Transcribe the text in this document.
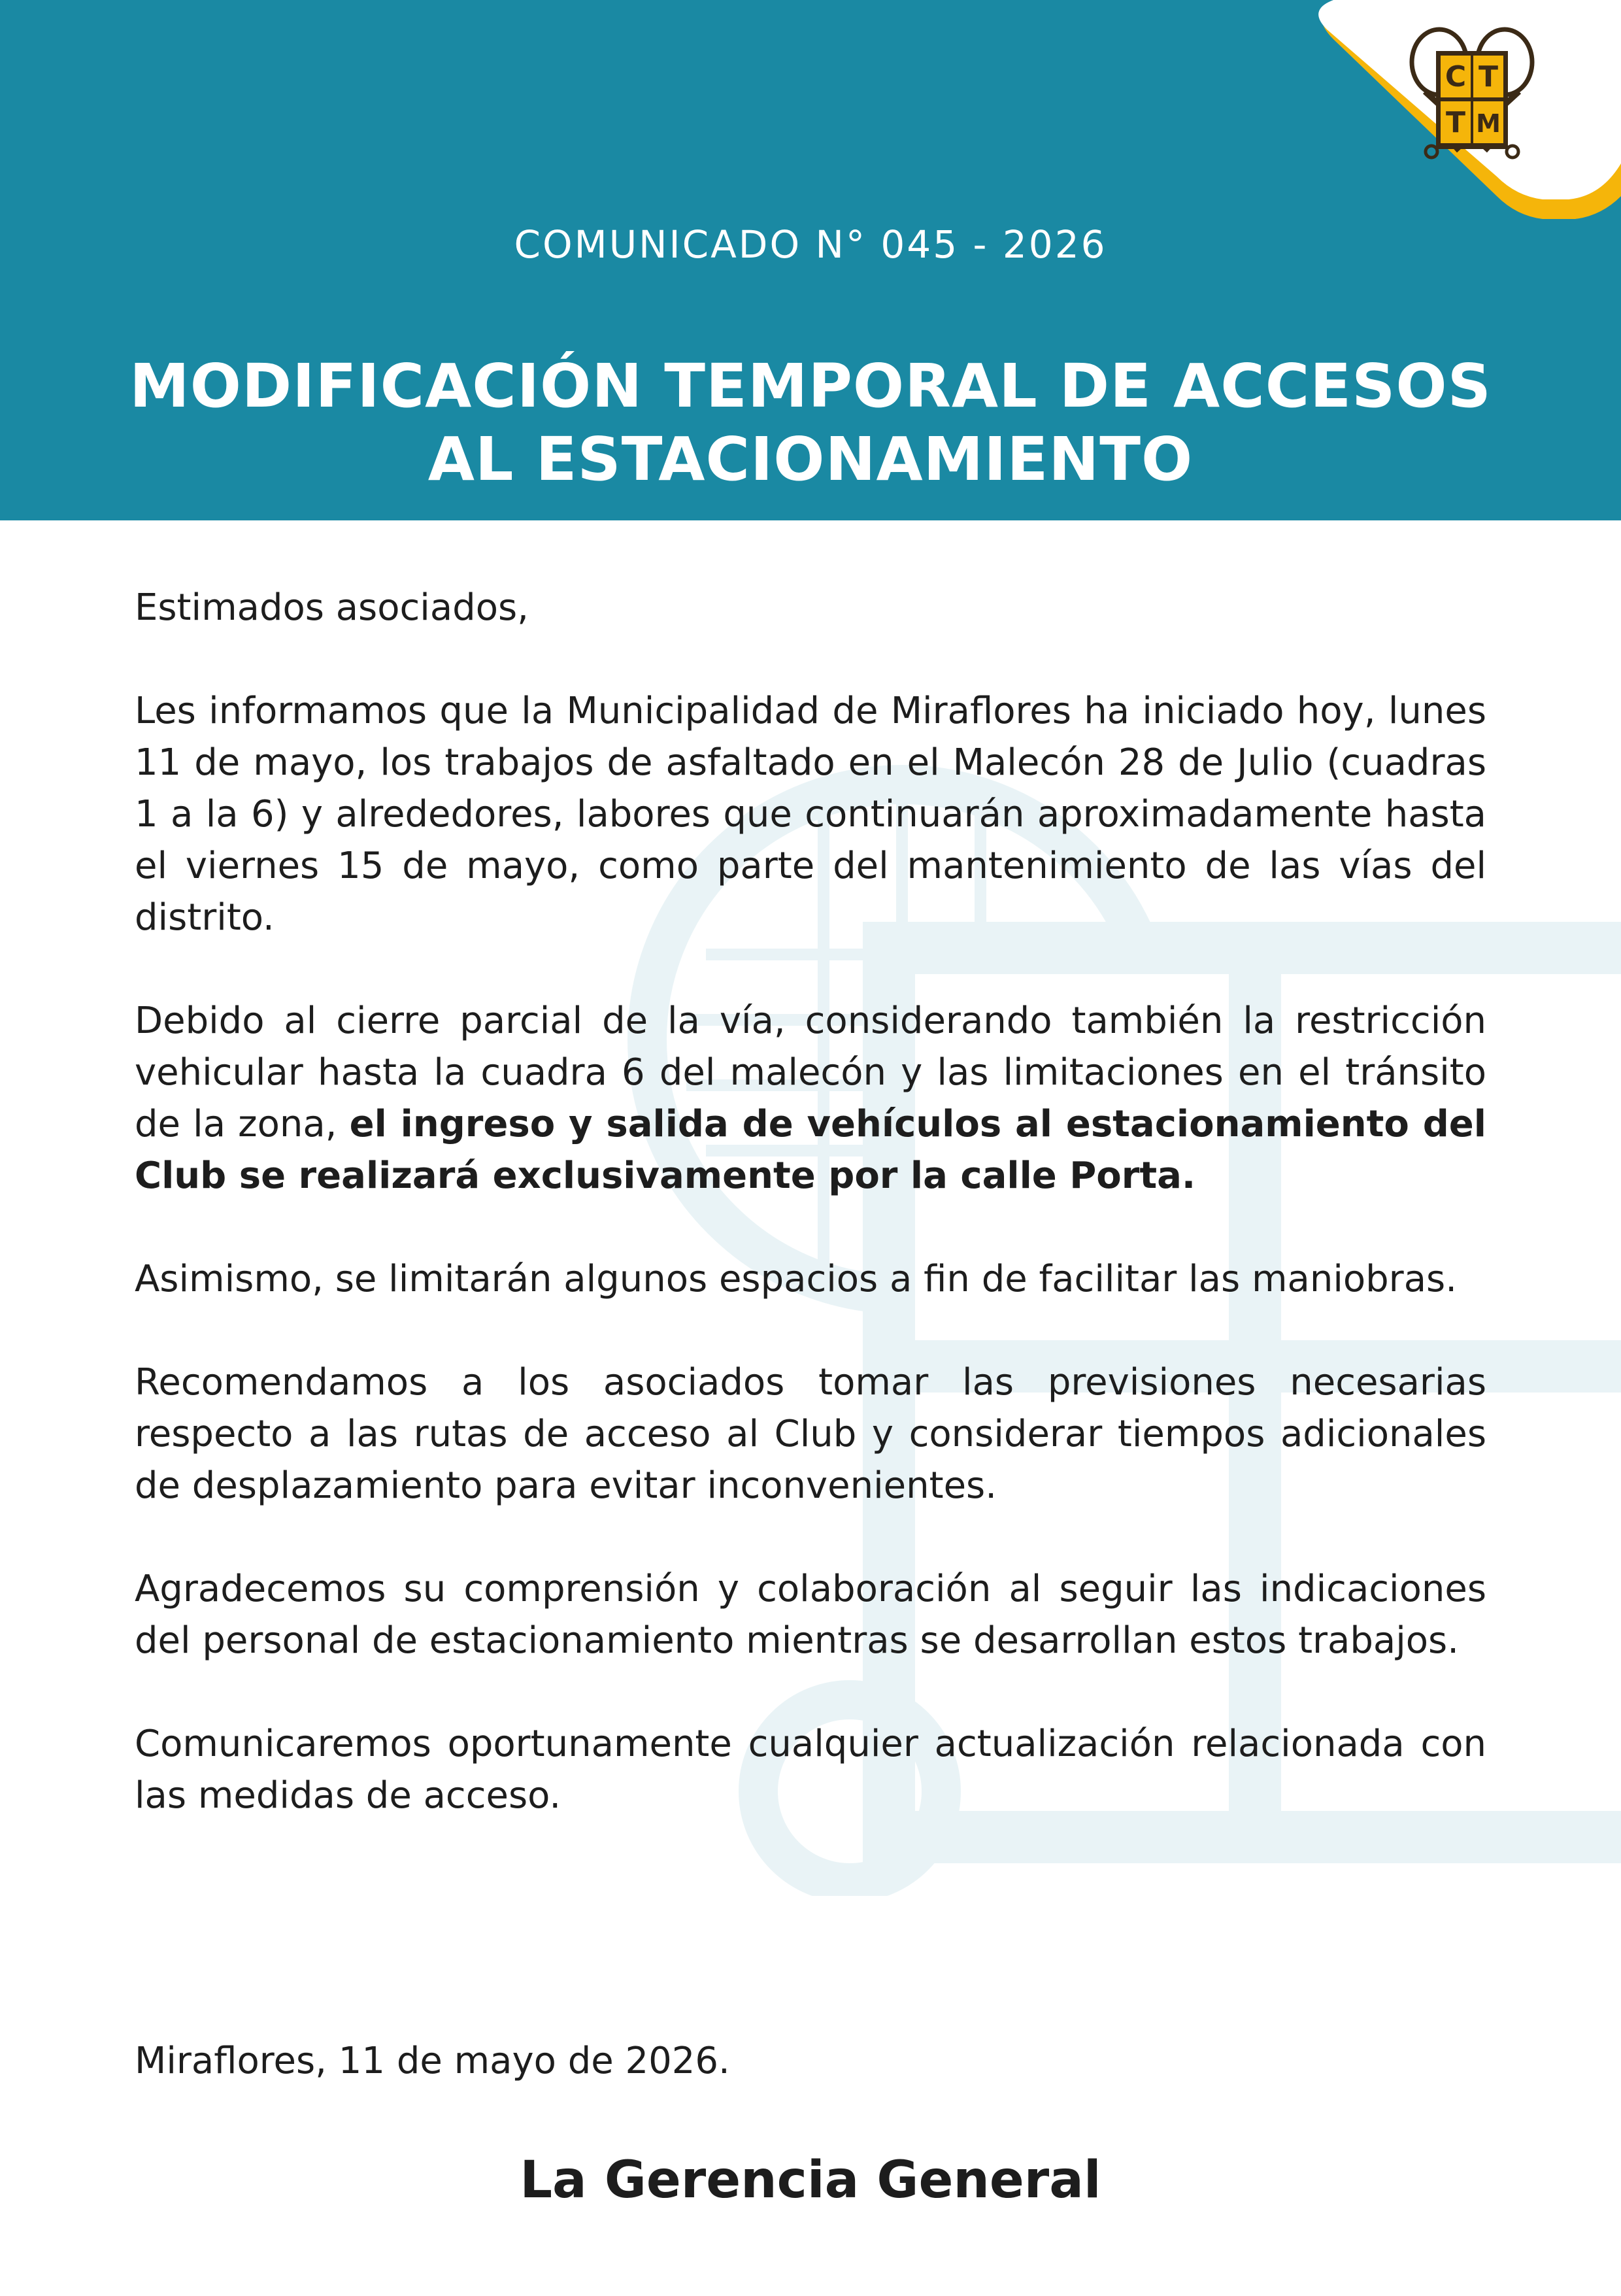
C T
T M
COMUNICADO N° 045 - 2026
MODIFICACIÓN TEMPORAL DE ACCESOS
AL ESTACIONAMIENTO

Estimados asociados,

Les informamos que la Municipalidad de Miraflores ha iniciado hoy, lunes 11 de mayo, los trabajos de asfaltado en el Malecón 28 de Julio (cuadras 1 a la 6) y alrededores, labores que continuarán aproximadamente hasta el viernes 15 de mayo, como parte del mantenimiento de las vías del distrito.

Debido al cierre parcial de la vía, considerando también la restricción vehicular hasta la cuadra 6 del malecón y las limitaciones en el tránsito de la zona, el ingreso y salida de vehículos al estacionamiento del Club se realizará exclusivamente por la calle Porta.

Asimismo, se limitarán algunos espacios a fin de facilitar las maniobras.

Recomendamos a los asociados tomar las previsiones necesarias respecto a las rutas de acceso al Club y considerar tiempos adicionales de desplazamiento para evitar inconvenientes.

Agradecemos su comprensión y colaboración al seguir las indicaciones del personal de estacionamiento mientras se desarrollan estos trabajos.

Comunicaremos oportunamente cualquier actualización relacionada con las medidas de acceso.

Miraflores, 11 de mayo de 2026.
La Gerencia General
